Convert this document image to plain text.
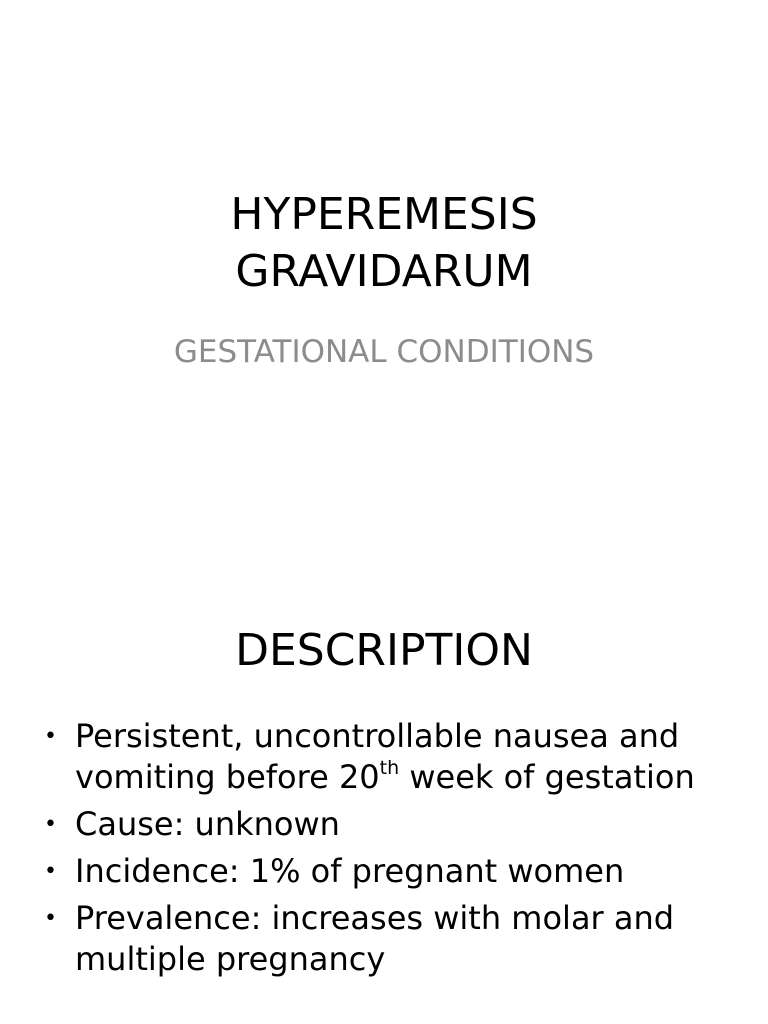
HYPEREMESIS
GRAVIDARUM

GESTATIONAL CONDITIONS

DESCRIPTION
• Persistent, uncontrollable nausea and vomiting before 20th week of gestation
• Cause: unknown
• Incidence: 1% of pregnant women
• Prevalence: increases with molar and multiple pregnancy
